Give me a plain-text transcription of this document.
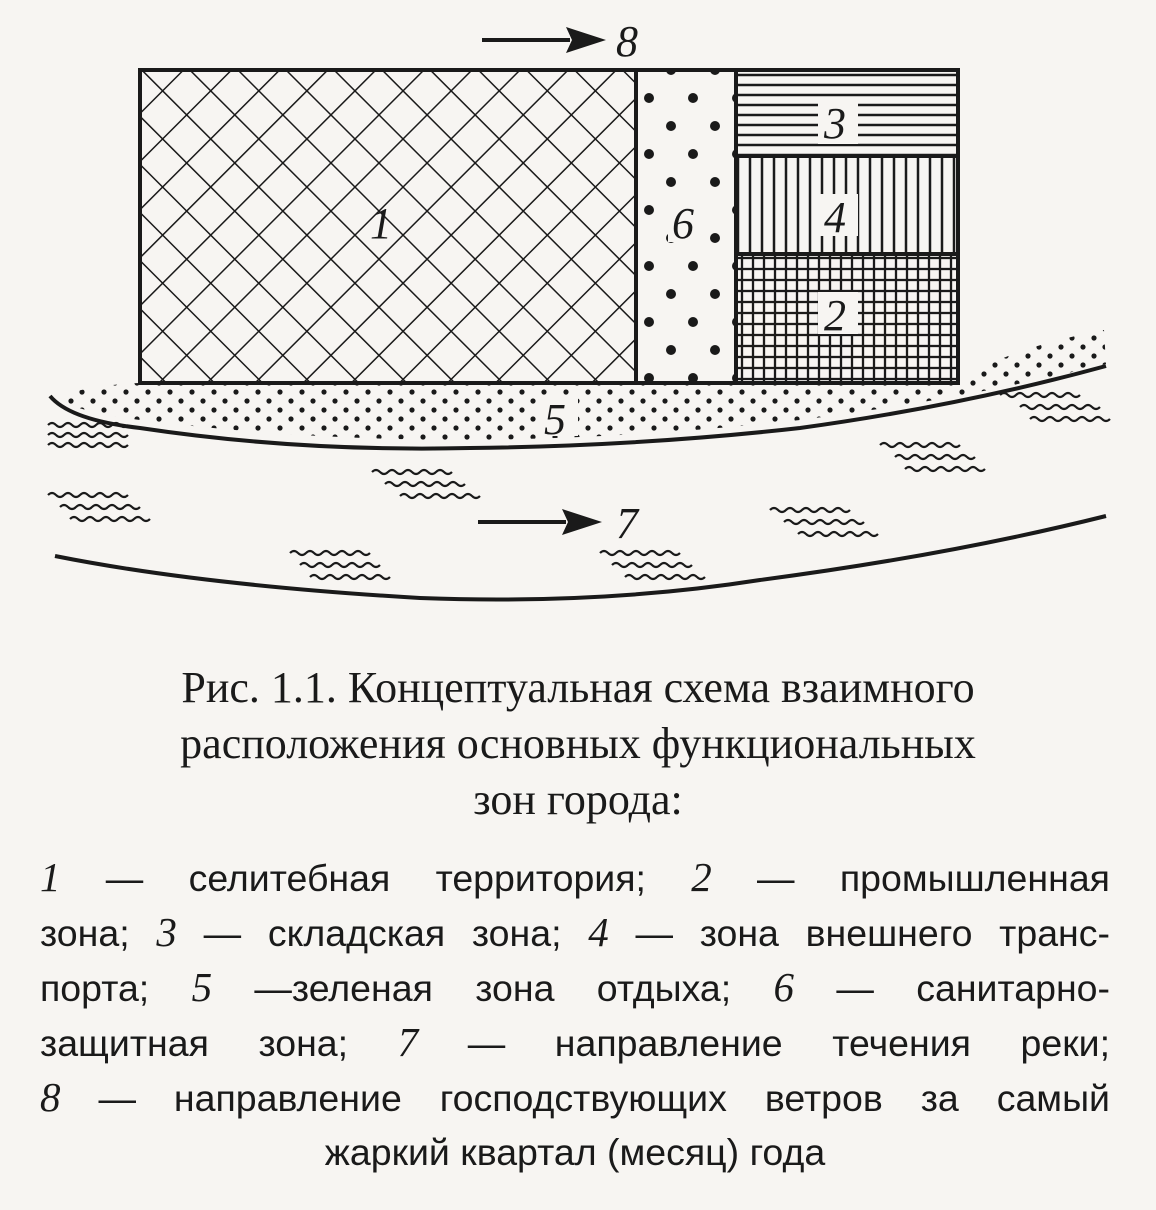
1
2
3
4
5
6
7
8
Рис. 1.1. Концептуальная схема взаимного
расположения основных функциональных
зон города:

1 — селитебная территория; 2 — промышленная

зона; 3 — складская зона; 4 — зона внешнего транс-

порта; 5 —зеленая зона отдыха; 6 — санитарно-

защитная зона; 7 — направление течения реки;

8 — направление господствующих ветров за самый

жаркий квартал (месяц) года
